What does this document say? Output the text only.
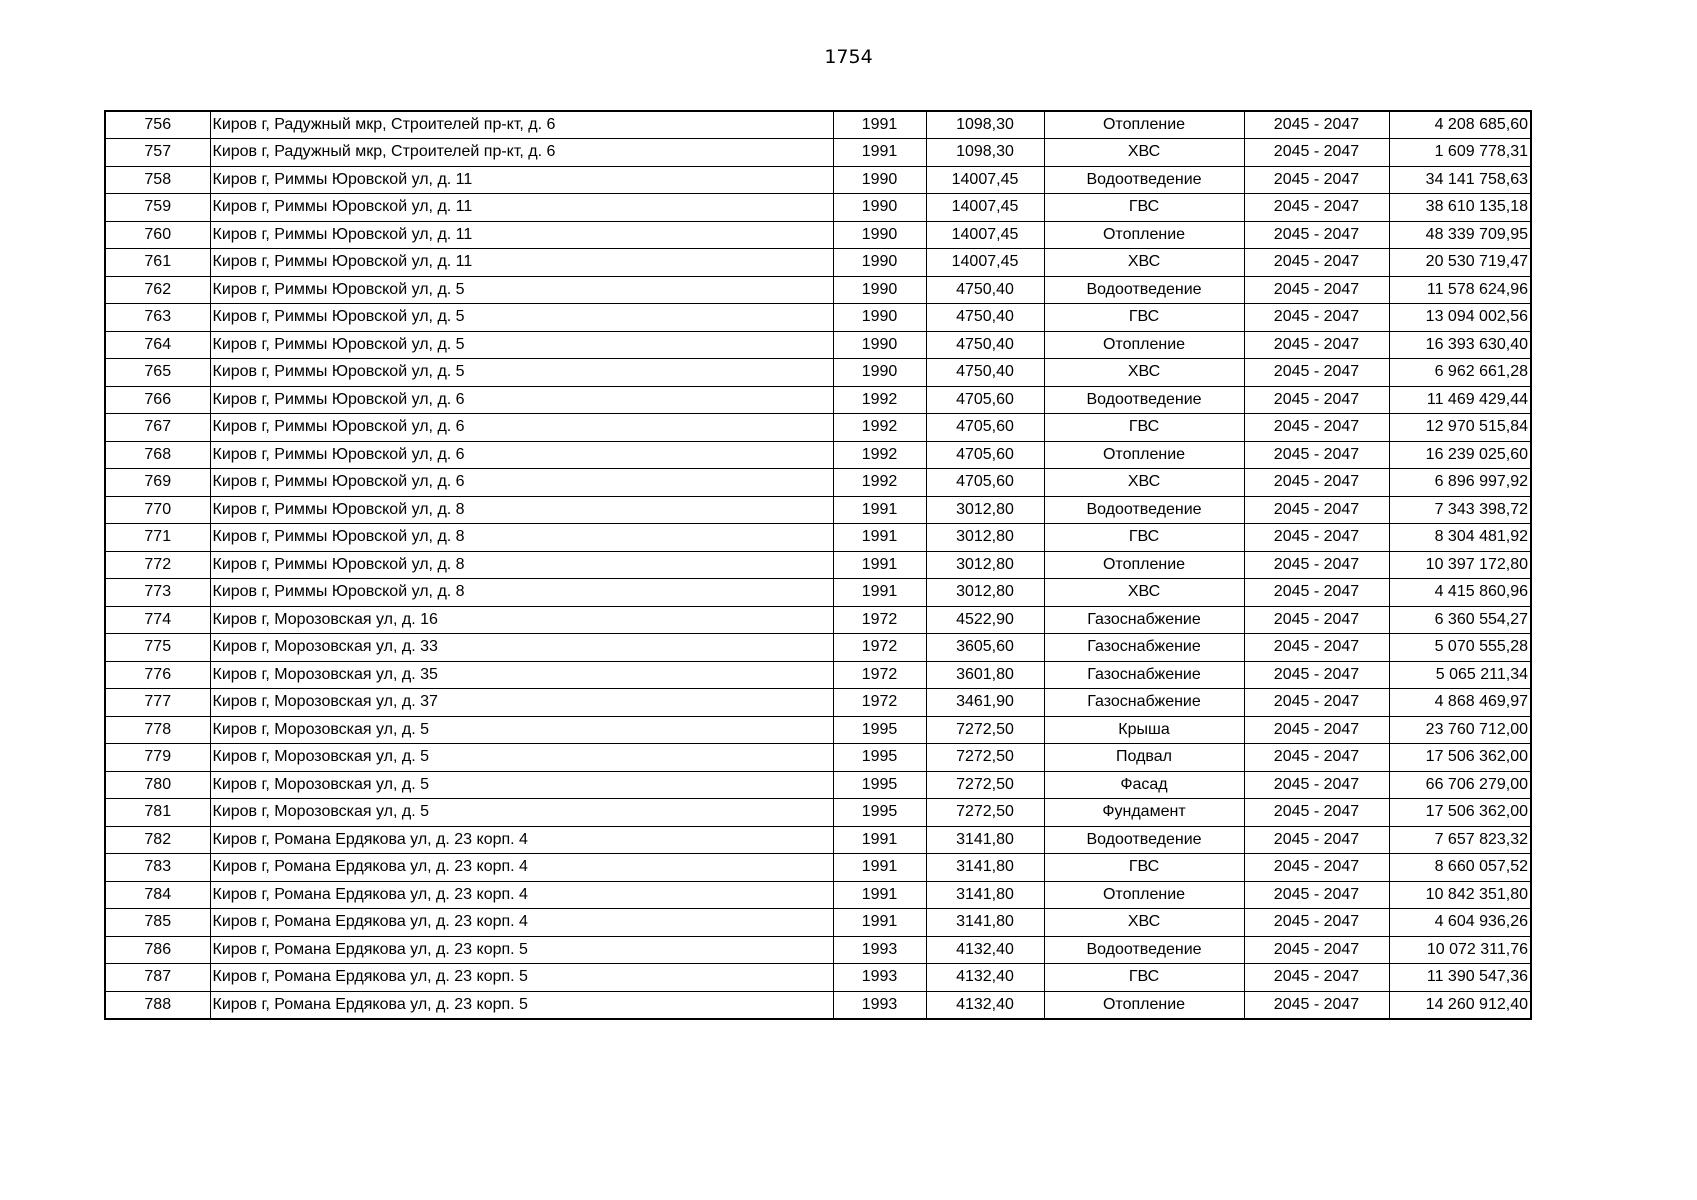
1754
756	Киров г, Радужный мкр, Строителей пр-кт, д. 6	1991	1098,30	Отопление	2045 - 2047	4 208 685,60
757	Киров г, Радужный мкр, Строителей пр-кт, д. 6	1991	1098,30	ХВС	2045 - 2047	1 609 778,31
758	Киров г, Риммы Юровской ул, д. 11	1990	14007,45	Водоотведение	2045 - 2047	34 141 758,63
759	Киров г, Риммы Юровской ул, д. 11	1990	14007,45	ГВС	2045 - 2047	38 610 135,18
760	Киров г, Риммы Юровской ул, д. 11	1990	14007,45	Отопление	2045 - 2047	48 339 709,95
761	Киров г, Риммы Юровской ул, д. 11	1990	14007,45	ХВС	2045 - 2047	20 530 719,47
762	Киров г, Риммы Юровской ул, д. 5	1990	4750,40	Водоотведение	2045 - 2047	11 578 624,96
763	Киров г, Риммы Юровской ул, д. 5	1990	4750,40	ГВС	2045 - 2047	13 094 002,56
764	Киров г, Риммы Юровской ул, д. 5	1990	4750,40	Отопление	2045 - 2047	16 393 630,40
765	Киров г, Риммы Юровской ул, д. 5	1990	4750,40	ХВС	2045 - 2047	6 962 661,28
766	Киров г, Риммы Юровской ул, д. 6	1992	4705,60	Водоотведение	2045 - 2047	11 469 429,44
767	Киров г, Риммы Юровской ул, д. 6	1992	4705,60	ГВС	2045 - 2047	12 970 515,84
768	Киров г, Риммы Юровской ул, д. 6	1992	4705,60	Отопление	2045 - 2047	16 239 025,60
769	Киров г, Риммы Юровской ул, д. 6	1992	4705,60	ХВС	2045 - 2047	6 896 997,92
770	Киров г, Риммы Юровской ул, д. 8	1991	3012,80	Водоотведение	2045 - 2047	7 343 398,72
771	Киров г, Риммы Юровской ул, д. 8	1991	3012,80	ГВС	2045 - 2047	8 304 481,92
772	Киров г, Риммы Юровской ул, д. 8	1991	3012,80	Отопление	2045 - 2047	10 397 172,80
773	Киров г, Риммы Юровской ул, д. 8	1991	3012,80	ХВС	2045 - 2047	4 415 860,96
774	Киров г, Морозовская ул, д. 16	1972	4522,90	Газоснабжение	2045 - 2047	6 360 554,27
775	Киров г, Морозовская ул, д. 33	1972	3605,60	Газоснабжение	2045 - 2047	5 070 555,28
776	Киров г, Морозовская ул, д. 35	1972	3601,80	Газоснабжение	2045 - 2047	5 065 211,34
777	Киров г, Морозовская ул, д. 37	1972	3461,90	Газоснабжение	2045 - 2047	4 868 469,97
778	Киров г, Морозовская ул, д. 5	1995	7272,50	Крыша	2045 - 2047	23 760 712,00
779	Киров г, Морозовская ул, д. 5	1995	7272,50	Подвал	2045 - 2047	17 506 362,00
780	Киров г, Морозовская ул, д. 5	1995	7272,50	Фасад	2045 - 2047	66 706 279,00
781	Киров г, Морозовская ул, д. 5	1995	7272,50	Фундамент	2045 - 2047	17 506 362,00
782	Киров г, Романа Ердякова ул, д. 23 корп. 4	1991	3141,80	Водоотведение	2045 - 2047	7 657 823,32
783	Киров г, Романа Ердякова ул, д. 23 корп. 4	1991	3141,80	ГВС	2045 - 2047	8 660 057,52
784	Киров г, Романа Ердякова ул, д. 23 корп. 4	1991	3141,80	Отопление	2045 - 2047	10 842 351,80
785	Киров г, Романа Ердякова ул, д. 23 корп. 4	1991	3141,80	ХВС	2045 - 2047	4 604 936,26
786	Киров г, Романа Ердякова ул, д. 23 корп. 5	1993	4132,40	Водоотведение	2045 - 2047	10 072 311,76
787	Киров г, Романа Ердякова ул, д. 23 корп. 5	1993	4132,40	ГВС	2045 - 2047	11 390 547,36
788	Киров г, Романа Ердякова ул, д. 23 корп. 5	1993	4132,40	Отопление	2045 - 2047	14 260 912,40
